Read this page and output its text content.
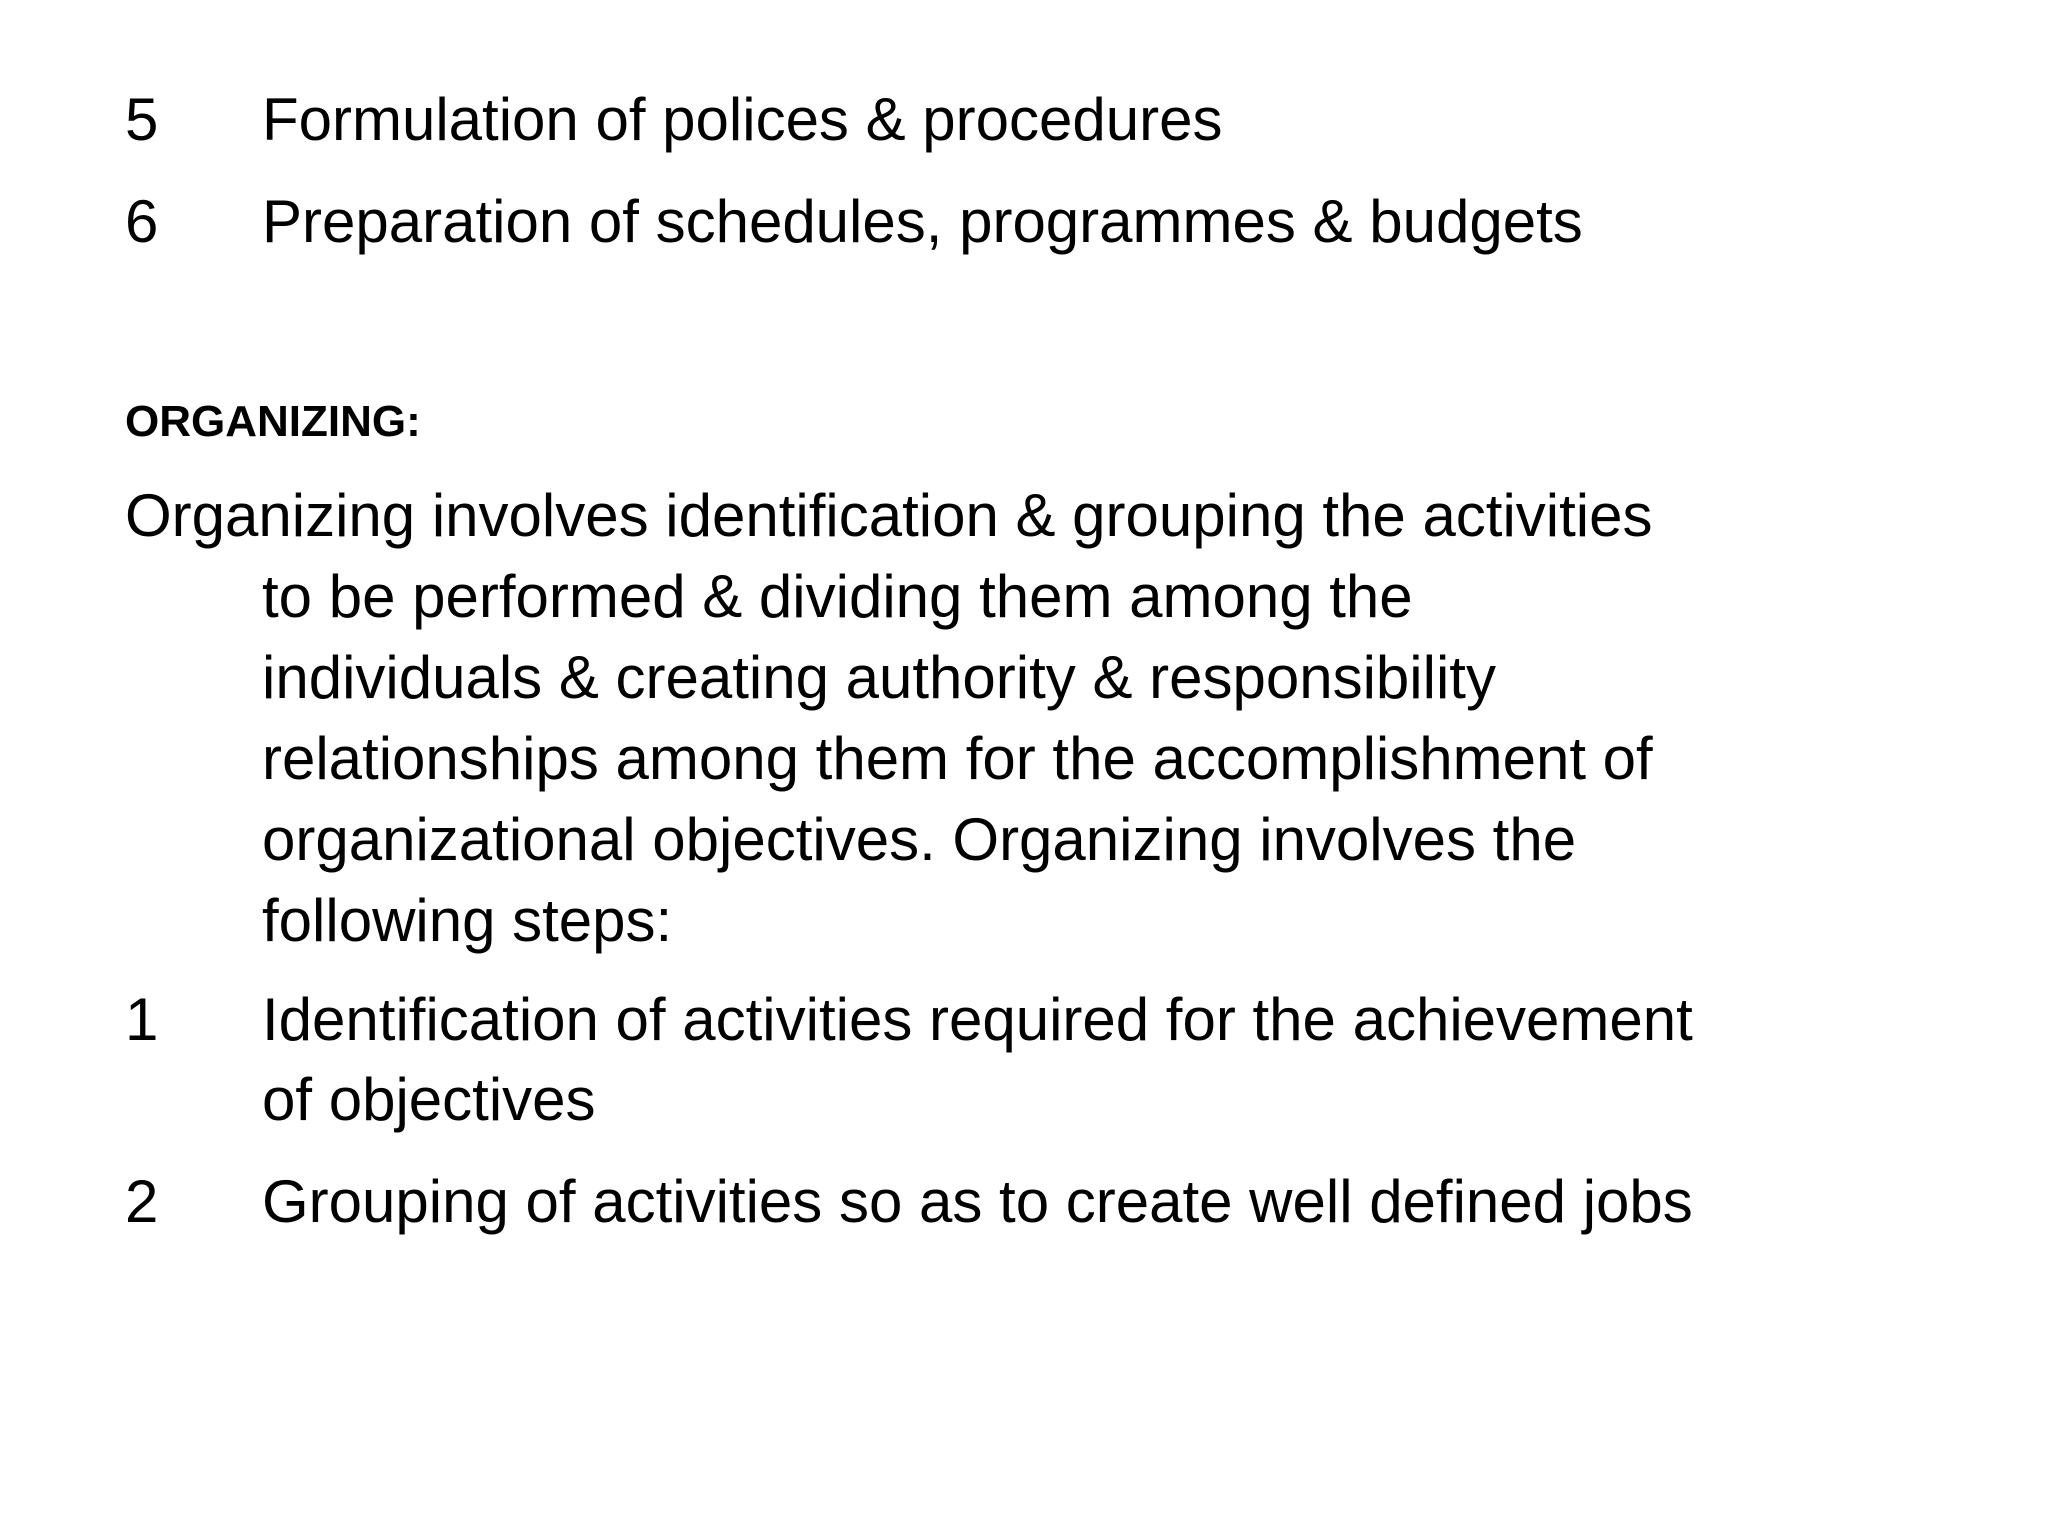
5 Formulation of polices & procedures
6 Preparation of schedules, programmes & budgets
ORGANIZING:
Organizing involves identification & grouping the activities
to be performed & dividing them among the
individuals & creating authority & responsibility
relationships among them for the accomplishment of
organizational objectives. Organizing involves the
following steps:
1 Identification of activities required for the achievement
of objectives
2 Grouping of activities so as to create well defined jobs
